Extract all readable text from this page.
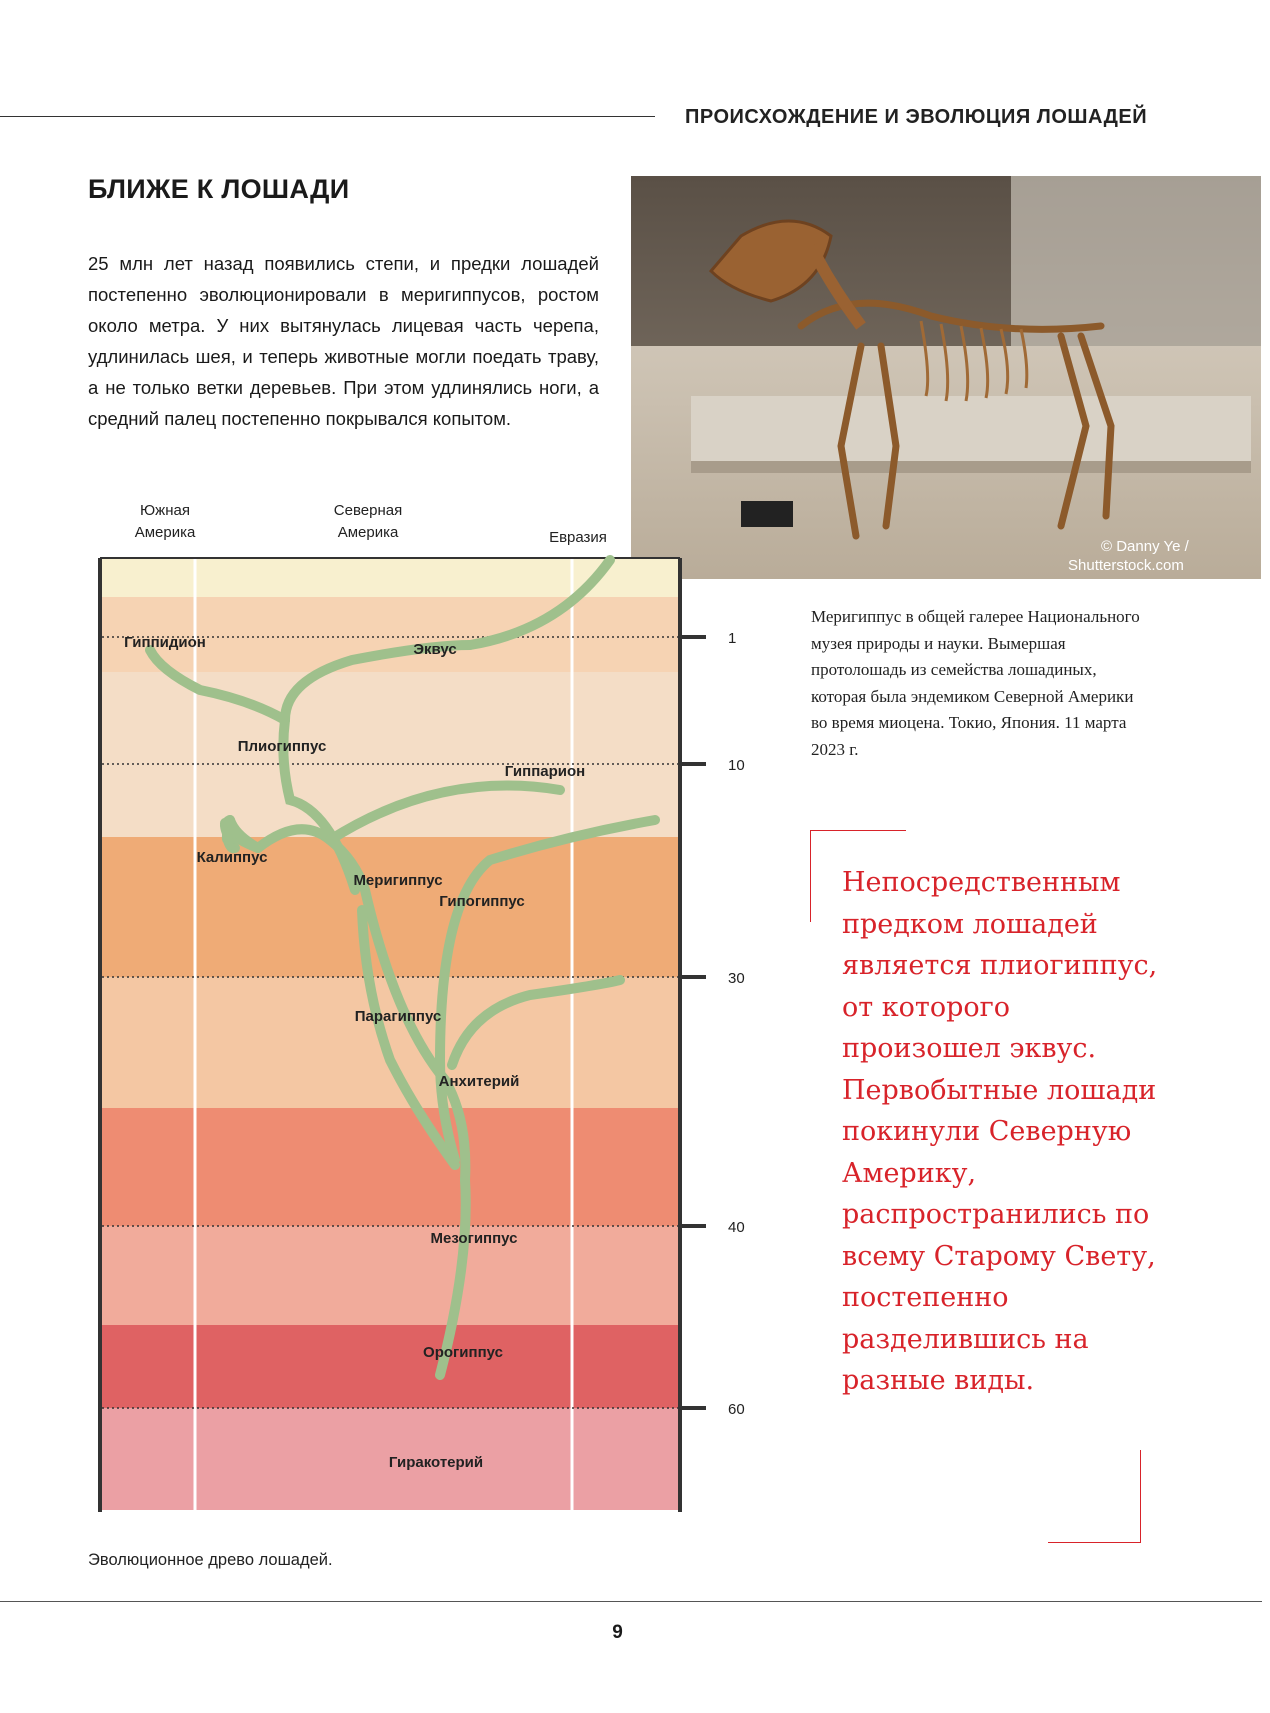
ПРОИСХОЖДЕНИЕ И ЭВОЛЮЦИЯ ЛОШАДЕЙ
БЛИЖЕ К ЛОШАДИ
25 млн лет назад появились степи, и предки лошадей постепенно эволюционировали в меригиппусов, ростом около метра. У них вытянулась лицевая часть черепа, удлинилась шея, и теперь животные могли поедать траву, а не только ветки деревьев. При этом удлинялись ноги, а средний палец постепенно покрывался копытом.
© Danny Ye /
Shutterstock.com
Меригиппус в общей галерее Национального музея природы и науки. Вымершая протолошадь из семейства лошадиных, которая была эндемиком Северной Америки во время миоцена. Токио, Япония. 11 марта 2023 г.
Непосредственным предком лошадей является плиогиппус, от которого произошел эквус. Первобытные лошади покинули Северную Америку, распространились по всему Старому Свету, постепенно разделившись на разные виды.
Южная
Америка
Северная
Америка	Евразия
Гиппидион	Эквус
Плиогиппус
Гиппарион
Калиппус
Меригиппус
Гипогиппус
Парагиппус
Анхитерий
Мезогиппус
Орогиппус
Гиракотерий
1
10
30
40
60
Эволюционное древо лошадей.
9
